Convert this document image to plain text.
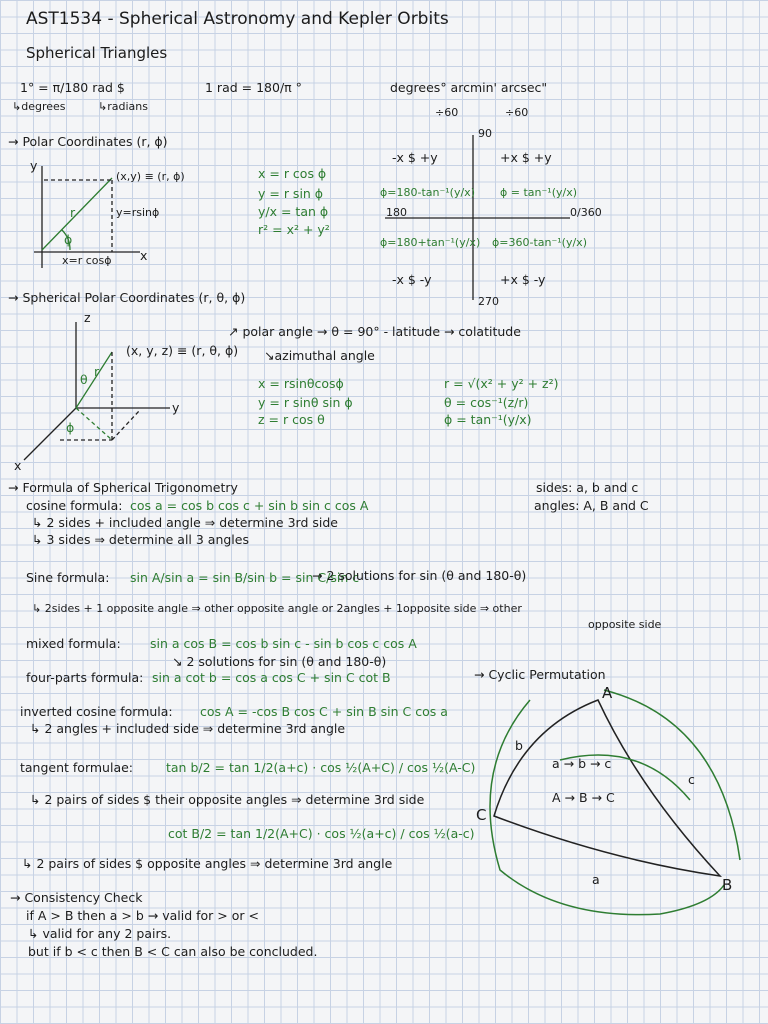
AST1534 - Spherical Astronomy and Kepler Orbits
Spherical Triangles
1° = π/180 rad $
↳degrees	↳radians
1 rad = 180/π °	degrees° arcmin' arcsec"
÷60	÷60
→ Polar Coordinates (r, ϕ)
y
x
(x,y) ≡ (r, ϕ)
r
ϕ
y=rsinϕ
x=r cosϕ
x = r cos ϕ
y = r sin ϕ
y/x = tan ϕ
r² = x² + y²
90
270
180	0/360
-x $ +y	+x $ +y
-x $ -y	+x $ -y
ϕ=180-tan⁻¹(y/x) ϕ = tan⁻¹(y/x)
ϕ=180+tan⁻¹(y/x) ϕ=360-tan⁻¹(y/x)
→ Spherical Polar Coordinates (r, θ, ϕ)
↗ polar angle → θ = 90° - latitude → colatitude
(x, y, z) ≡ (r, θ, ϕ) ↘azimuthal angle
z
y
x
r
θ
ϕ
x = rsinθcosϕ
y = r sinθ sin ϕ
z = r cos θ
r = √(x² + y² + z²)
θ = cos⁻¹(z/r)
ϕ = tan⁻¹(y/x)
→ Formula of Spherical Trigonometry	sides: a, b and c
angles: A, B and C
cosine formula: cos a = cos b cos c + sin b sin c cos A
↳ 2 sides + included angle ⇒ determine 3rd side
↳ 3 sides ⇒ determine all 3 angles
Sine formula: sin A/sin a = sin B/sin b = sin C/sin c
→ 2 solutions for sin (θ and 180-θ)
↳ 2sides + 1 opposite angle ⇒ other opposite angle or 2angles + 1opposite side ⇒ other
opposite side
mixed formula: sin a cos B = cos b sin c - sin b cos c cos A
↘ 2 solutions for sin (θ and 180-θ)
four-parts formula: sin a cot b = cos a cos C + sin C cot B	→ Cyclic Permutation
inverted cosine formula: cos A = -cos B cos C + sin B sin C cos a
↳ 2 angles + included side ⇒ determine 3rd angle
tangent formulae:	tan b/2 = tan 1/2(a+c) · cos ½(A+C) / cos ½(A-C)
↳ 2 pairs of sides $ their opposite angles ⇒ determine 3rd side
cot B/2 = tan 1/2(A+C) · cos ½(a+c) / cos ½(a-c)
↳ 2 pairs of sides $ opposite angles ⇒ determine 3rd angle
→ Consistency Check
if A > B then a > b → valid for > or <
↳ valid for any 2 pairs.
but if b < c then B < C can also be concluded.
A
B
C
b
c
a
a → b → c
A → B → C
